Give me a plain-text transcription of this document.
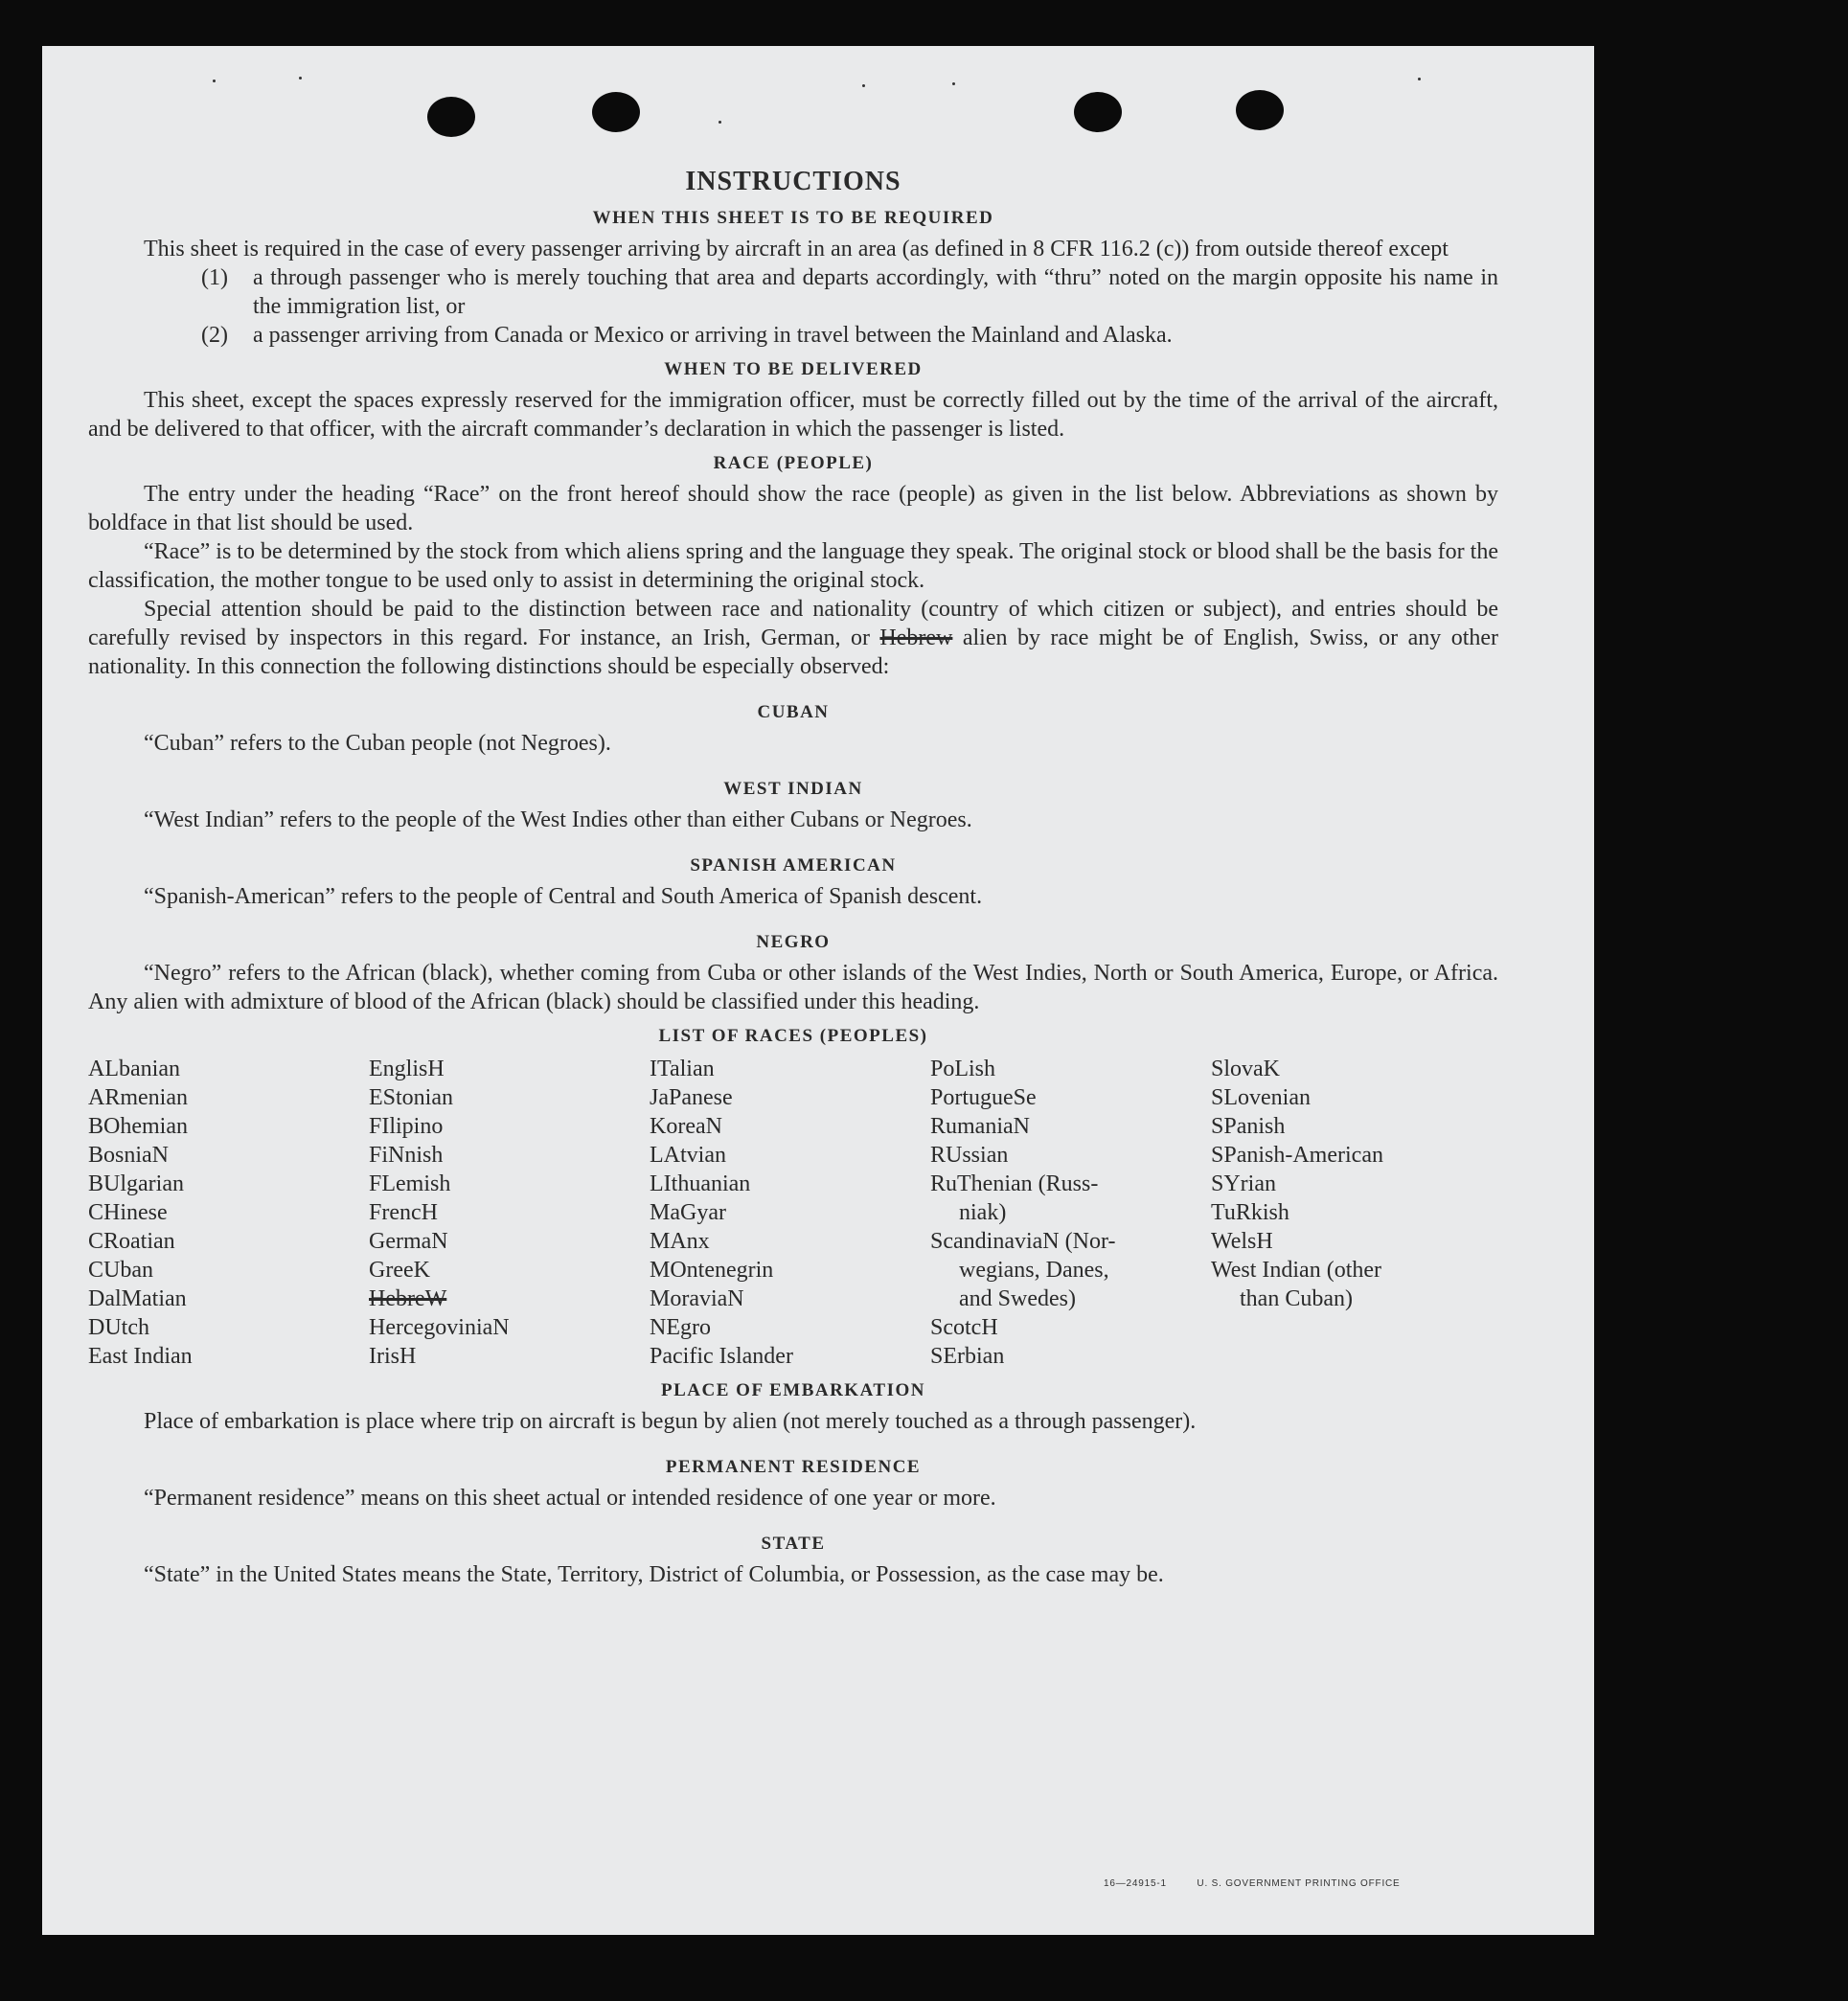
INSTRUCTIONS
WHEN THIS SHEET IS TO BE REQUIRED

This sheet is required in the case of every passenger arriving by aircraft in an area (as defined in 8 CFR 116.2 (c)) from outside thereof except

(1)	a through passenger who is merely touching that area and departs accordingly, with “thru” noted on the margin opposite his name in the immigration list, or
(2)	a passenger arriving from Canada or Mexico or arriving in travel between the Mainland and Alaska.
WHEN TO BE DELIVERED

This sheet, except the spaces expressly reserved for the immigration officer, must be correctly filled out by the time of the arrival of the aircraft, and be delivered to that officer, with the aircraft commander’s declaration in which the passenger is listed.

RACE (PEOPLE)

The entry under the heading “Race” on the front hereof should show the race (people) as given in the list below. Abbreviations as shown by boldface in that list should be used.

“Race” is to be determined by the stock from which aliens spring and the language they speak. The original stock or blood shall be the basis for the classification, the mother tongue to be used only to assist in determining the original stock.

Special attention should be paid to the distinction between race and nationality (country of which citizen or subject), and entries should be carefully revised by inspectors in this regard. For instance, an Irish, German, or Hebrew alien by race might be of English, Swiss, or any other nationality. In this connection the following distinctions should be especially observed:

CUBAN

“Cuban” refers to the Cuban people (not Negroes).

WEST INDIAN

“West Indian” refers to the people of the West Indies other than either Cubans or Negroes.

SPANISH AMERICAN

“Spanish-American” refers to the people of Central and South America of Spanish descent.

NEGRO

“Negro” refers to the African (black), whether coming from Cuba or other islands of the West Indies, North or South America, Europe, or Africa. Any alien with admixture of blood of the African (black) should be classified under this heading.

LIST OF RACES (PEOPLES)
ALbanian
ARmenian
BOhemian
BosniaN
BUlgarian
CHinese
CRoatian
CUban
DalMatian
DUtch
East Indian
EnglisH
EStonian
FIlipino
FiNnish
FLemish
FrencH
GermaN
GreeK
HebreW
HercegoviniaN
IrisH
ITalian
JaPanese
KoreaN
LAtvian
LIthuanian
MaGyar
MAnx
MOntenegrin
MoraviaN
NEgro
Pacific Islander
PoLish
PortugueSe
RumaniaN
RUssian
RuThenian (Russ-
niak)
ScandinaviaN (Nor-
wegians, Danes,
and Swedes)
ScotcH
SErbian
SlovaK
SLovenian
SPanish
SPanish-American
SYrian
TuRkish
WelsH
West Indian (other
than Cuban)
PLACE OF EMBARKATION

Place of embarkation is place where trip on aircraft is begun by alien (not merely touched as a through passenger).

PERMANENT RESIDENCE

“Permanent residence” means on this sheet actual or intended residence of one year or more.

STATE

“State” in the United States means the State, Territory, District of Columbia, or Possession, as the case may be.

16—24915-1	U. S. GOVERNMENT PRINTING OFFICE
